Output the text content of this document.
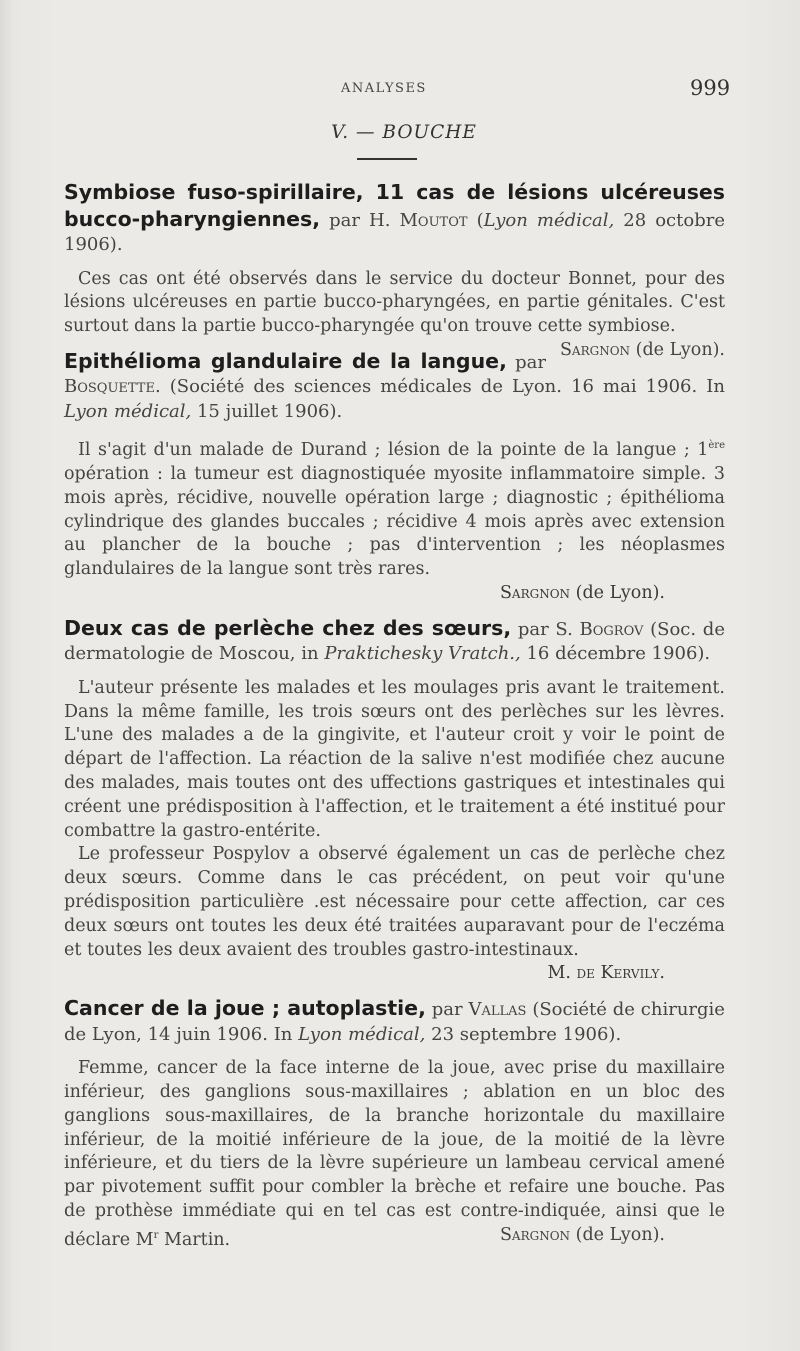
ANALYSES	999
V. — BOUCHE

Symbiose fuso-spirillaire, 11 cas de lésions ulcéreuses bucco-pharyngiennes, par H. Moutot (Lyon médical, 28 octobre 1906).

Ces cas ont été observés dans le service du docteur Bonnet, pour des lésions ulcéreuses en partie bucco-pharyngées, en partie génitales. C'est surtout dans la partie bucco-pharyngée qu'on trouve cette symbiose.
Sargnon (de Lyon).

Epithélioma glandulaire de la langue, par Bosquette. (Société des sciences médicales de Lyon. 16 mai 1906. In Lyon médical, 15 juillet 1906).

Il s'agit d'un malade de Durand ; lésion de la pointe de la langue ; 1ère opération : la tumeur est diagnostiquée myosite inflammatoire simple. 3 mois après, récidive, nouvelle opération large ; diagnostic ; épithélioma cylindrique des glandes buccales ; récidive 4 mois après avec extension au plancher de la bouche ; pas d'intervention ; les néoplasmes glandulaires de la langue sont très rares.

Sargnon (de Lyon).

Deux cas de perlèche chez des sœurs, par S. Bogrov (Soc. de dermatologie de Moscou, in Praktichesky Vratch., 16 décembre 1906).

L'auteur présente les malades et les moulages pris avant le traitement. Dans la même famille, les trois sœurs ont des perlèches sur les lèvres. L'une des malades a de la gingivite, et l'auteur croit y voir le point de départ de l'affection. La réaction de la salive n'est modifiée chez aucune des malades, mais toutes ont des uffections gastriques et intestinales qui créent une prédisposition à l'affection, et le traitement a été institué pour combattre la gastro-entérite.

Le professeur Pospylov a observé également un cas de perlèche chez deux sœurs. Comme dans le cas précédent, on peut voir qu'une prédisposition particulière .est nécessaire pour cette affection, car ces deux sœurs ont toutes les deux été traitées auparavant pour de l'eczéma et toutes les deux avaient des troubles gastro-intestinaux.

M. de Kervily.

Cancer de la joue ; autoplastie, par Vallas (Société de chirurgie de Lyon, 14 juin 1906. In Lyon médical, 23 septembre 1906).

Femme, cancer de la face interne de la joue, avec prise du maxillaire inférieur, des ganglions sous-maxillaires ; ablation en un bloc des ganglions sous-maxillaires, de la branche horizontale du maxillaire inférieur, de la moitié inférieure de la joue, de la moitié de la lèvre inférieure, et du tiers de la lèvre supérieure un lambeau cervical amené par pivotement suffit pour combler la brèche et refaire une bouche. Pas de prothèse immédiate qui en tel cas est contre-indiquée, ainsi que le déclare $M^r$ Martin.	Sargnon (de Lyon).
